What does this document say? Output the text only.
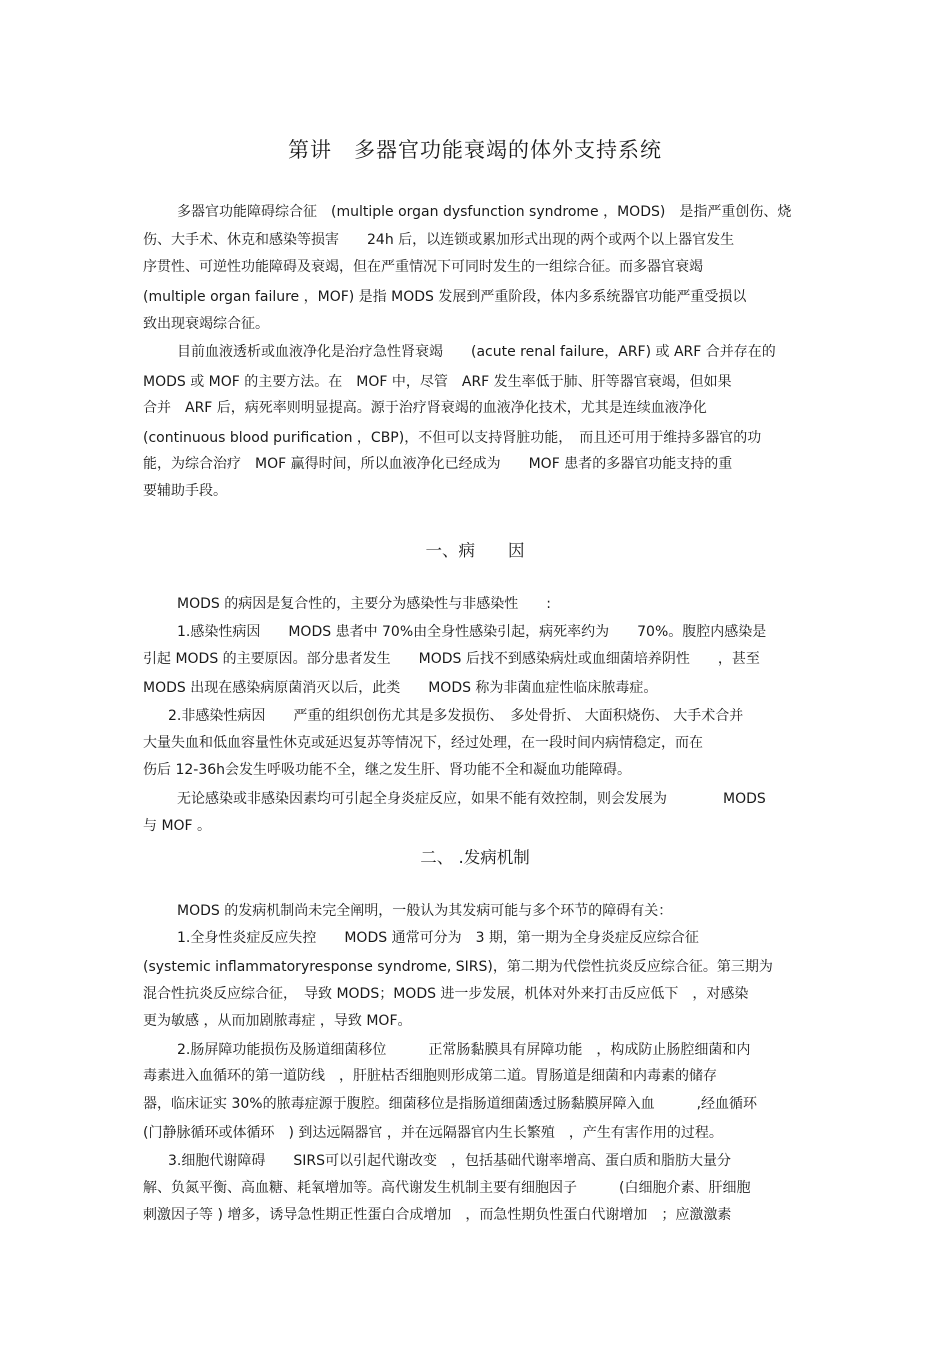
第讲　多器官功能衰竭的体外支持系统
多器官功能障碍综合征　(multiple organ dysfunction syndrome ，MODS)　是指严重创伤、烧
伤、大手术、休克和感染等损害　　24h 后，以连锁或累加形式出现的两个或两个以上器官发生
序贯性、可逆性功能障碍及衰竭，但在严重情况下可同时发生的一组综合征。而多器官衰竭
(multiple organ failure ，MOF) 是指 MODS 发展到严重阶段，体内多系统器官功能严重受损以
致出现衰竭综合征。
目前血液透析或血液净化是治疗急性肾衰竭　　(acute renal failure，ARF) 或 ARF 合并存在的
MODS 或 MOF 的主要方法。在　MOF 中，尽管　ARF 发生率低于肺、肝等器官衰竭，但如果
合并　ARF 后，病死率则明显提高。源于治疗肾衰竭的血液净化技术，尤其是连续血液净化
(continuous blood purification ，CBP)，不但可以支持肾脏功能，　而且还可用于维持多器官的功
能，为综合治疗　MOF 赢得时间，所以血液净化已经成为　　MOF 患者的多器官功能支持的重
要辅助手段。
一、病　　因
MODS 的病因是复合性的，主要分为感染性与非感染性　　:
1.感染性病因　　MODS 患者中 70%由全身性感染引起，病死率约为　　70%。腹腔内感染是
引起 MODS 的主要原因。部分患者发生　　MODS 后找不到感染病灶或血细菌培养阴性　　，甚至
MODS 出现在感染病原菌消灭以后，此类　　MODS 称为非菌血症性临床脓毒症。
2.非感染性病因　　严重的组织创伤尤其是多发损伤、　多处骨折、 大面积烧伤、 大手术合并
大量失血和低血容量性休克或延迟复苏等情况下，经过处理，在一段时间内病情稳定，而在
伤后 12-36h会发生呼吸功能不全，继之发生肝、肾功能不全和凝血功能障碍。
无论感染或非感染因素均可引起全身炎症反应，如果不能有效控制，则会发展为　　　　MODS
与 MOF 。
二、 .发病机制
MODS 的发病机制尚未完全阐明，一般认为其发病可能与多个环节的障碍有关：
1.全身性炎症反应失控　　MODS 通常可分为　3 期，第一期为全身炎症反应综合征
(systemic inflammatoryresponse syndrome, SIRS)，第二期为代偿性抗炎反应综合征。第三期为
混合性抗炎反应综合征，　导致 MODS；MODS 进一步发展，机体对外来打击反应低下　，对感染
更为敏感 ，从而加剧脓毒症 ，导致 MOF。
2.肠屏障功能损伤及肠道细菌移位　　　正常肠黏膜具有屏障功能　，构成防止肠腔细菌和内
毒素进入血循环的第一道防线　，肝脏枯否细胞则形成第二道。胃肠道是细菌和内毒素的储存
器，临床证实 30%的脓毒症源于腹腔。细菌移位是指肠道细菌透过肠黏膜屏障入血　　　,经血循环
(门静脉循环或体循环　) 到达远隔器官 ，并在远隔器官内生长繁殖　，产生有害作用的过程。
3.细胞代谢障碍　　SIRS可以引起代谢改变　，包括基础代谢率增高、蛋白质和脂肪大量分
解、负氮平衡、高血糖、耗氧增加等。高代谢发生机制主要有细胞因子　　　(白细胞介素、肝细胞
刺激因子等 ) 增多，诱导急性期正性蛋白合成增加　，而急性期负性蛋白代谢增加　；应激激素
